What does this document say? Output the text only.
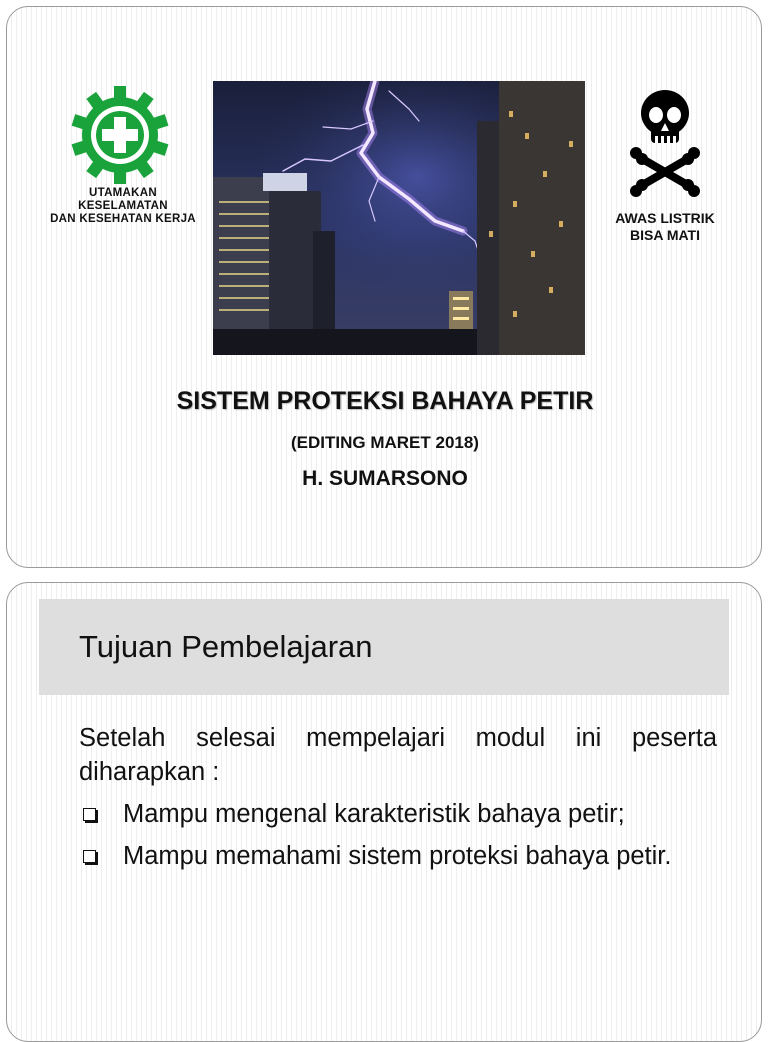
UTAMAKAN
KESELAMATAN
DAN KESEHATAN KERJA	AWAS LISTRIK
BISA MATI
SISTEM PROTEKSI BAHAYA PETIR
(EDITING MARET 2018)
H. SUMARSONO
Tujuan Pembelajaran

Setelah selesai mempelajari modul ini peserta diharapkan :

Mampu mengenal karakteristik bahaya petir;
Mampu memahami sistem proteksi bahaya petir.
